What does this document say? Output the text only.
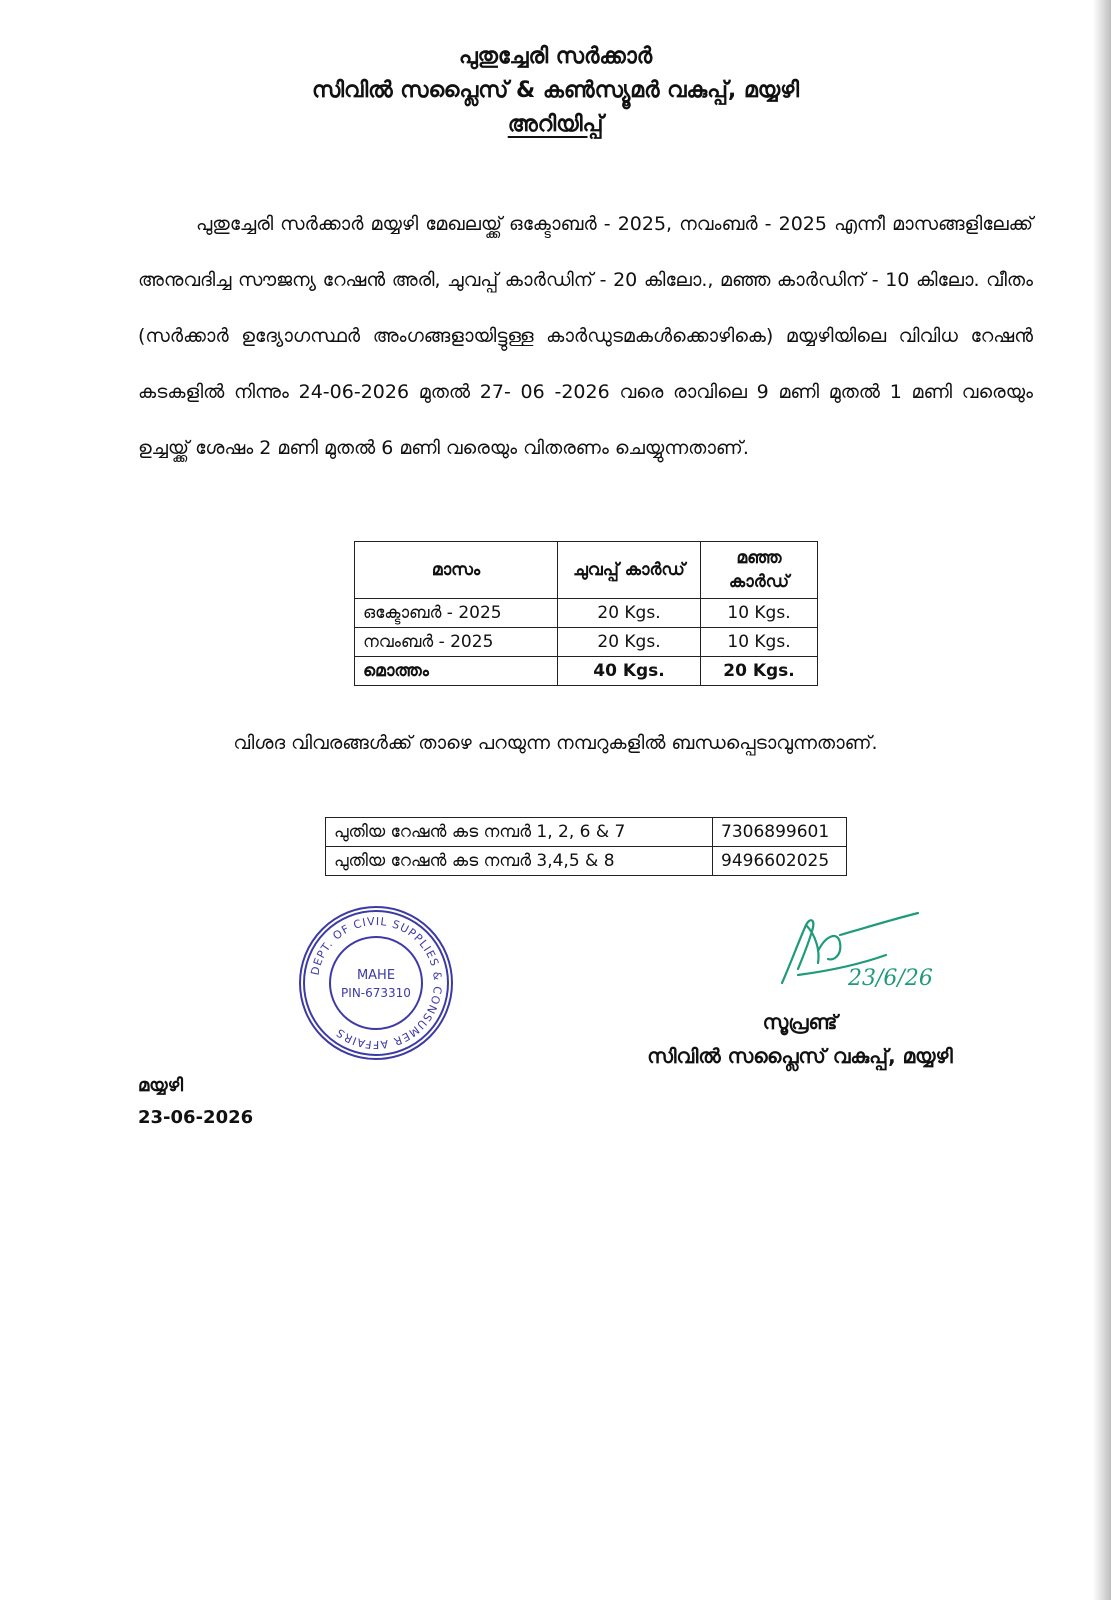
പുതുച്ചേരി സർക്കാർ
സിവിൽ സപ്ലൈസ് & കൺസ്യൂമർ വകുപ്പ്, മയ്യഴി
അറിയിപ്പ്

പുതുച്ചേരി സർക്കാർ മയ്യഴി മേഖലയ്ക്ക് ഒക്ടോബർ - 2025, നവംബർ - 2025 എന്നീ മാസങ്ങളിലേക്ക് അനുവദിച്ച സൗജന്യ റേഷൻ അരി, ചുവപ്പ് കാർഡിന് - 20 കിലോ., മഞ്ഞ കാർഡിന് - 10 കിലോ. വീതം (സർക്കാർ ഉദ്യോഗസ്ഥർ അംഗങ്ങളായിട്ടുള്ള കാർഡുടമകൾക്കൊഴികെ) മയ്യഴിയിലെ വിവിധ റേഷൻ കടകളിൽ നിന്നും 24-06-2026 മുതൽ 27- 06 -2026 വരെ രാവിലെ 9 മണി മുതൽ 1 മണി വരെയും ഉച്ചയ്ക്ക് ശേഷം 2 മണി മുതൽ 6 മണി വരെയും വിതരണം ചെയ്യുന്നതാണ്.

മാസം	ചുവപ്പ് കാർഡ്	മഞ്ഞ കാർഡ്
ഒക്ടോബർ - 2025	20 Kgs.	10 Kgs.
നവംബർ - 2025	20 Kgs.	10 Kgs.
മൊത്തം	40 Kgs.	20 Kgs.
വിശദ വിവരങ്ങൾക്ക് താഴെ പറയുന്ന നമ്പറുകളിൽ ബന്ധപ്പെടാവുന്നതാണ്.
പുതിയ റേഷൻ കട നമ്പർ 1, 2, 6 & 7	7306899601
പുതിയ റേഷൻ കട നമ്പർ 3,4,5 & 8	9496602025
DEPT. OF CIVIL SUPPLIES & CONSUMER AFFAIRS
MAHE
PIN-673310
23/6/26
സൂപ്രണ്ട്
സിവിൽ സപ്ലൈസ് വകുപ്പ്, മയ്യഴി
മയ്യഴി
23-06-2026
